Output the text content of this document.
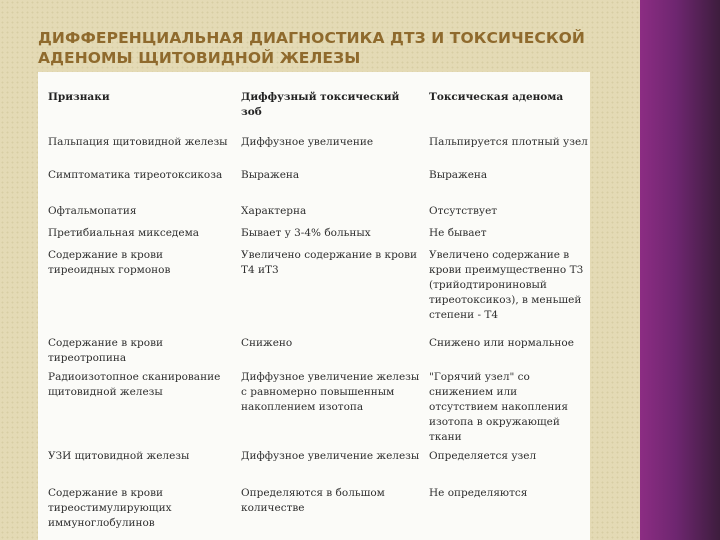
ДИФФЕРЕНЦИАЛЬНАЯ ДИАГНОСТИКА ДТЗ И ТОКСИЧЕСКОЙ АДЕНОМЫ ЩИТОВИДНОЙ ЖЕЛЕЗЫ
Признаки	Диффузный токсический зоб	Токсическая аденома
Пальпация щитовидной железы	Диффузное увеличение	Пальпируется плотный узел
Симптоматика тиреотоксикоза	Выражена	Выражена
Офтальмопатия	Характерна	Отсутствует
Претибиальная микседема	Бывает у 3-4% больных	Не бывает
Содержание в крови тиреоидных гормонов	Увеличено содержание в крови Т4 иТ3	Увеличено содержание в крови преимущественно Т3 (трийодтирониновый тиреотоксикоз), в меньшей степени - Т4
Содержание в крови тиреотропина	Снижено	Снижено или нормальное
Радиоизотопное сканирование щитовидной железы	Диффузное увеличение железы с равномерно повышенным накоплением изотопа	"Горячий узел" со снижением или отсутствием накопления изотопа в окружающей ткани
УЗИ щитовидной железы	Диффузное увеличение железы	Определяется узел
Содержание в крови тиреостимулирующих иммуноглобулинов	Определяются в большом количестве	Не определяются
